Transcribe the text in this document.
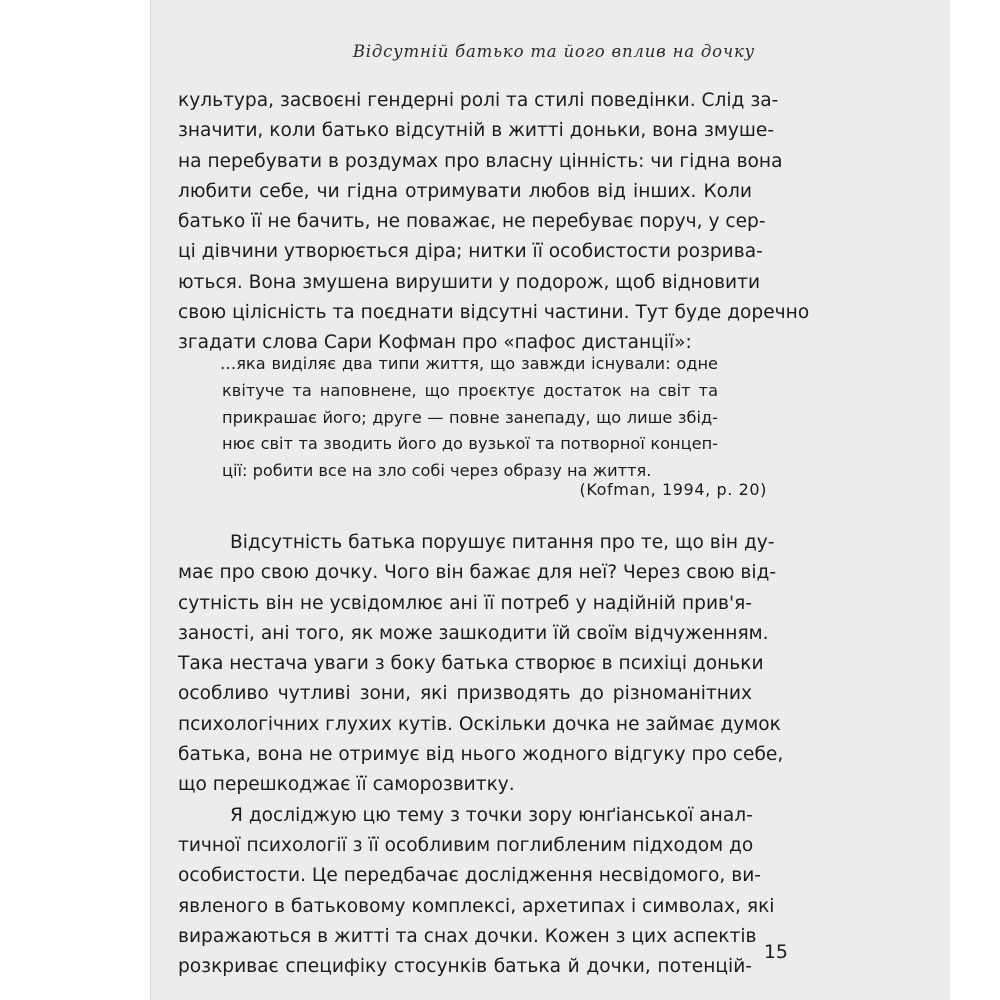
Відсутній батько та його вплив на дочку
культура, засвоєні гендерні ролі та стилі поведінки. Слід за-
значити, коли батько відсутній в житті доньки, вона змуше-
на перебувати в роздумах про власну цінність: чи гідна вона
любити себе, чи гідна отримувати любов від інших. Коли
батько її не бачить, не поважає, не перебуває поруч, у сер-
ці дівчини утворюється діра; нитки її особистости розрива-
ються. Вона змушена вирушити у подорож, щоб відновити
свою цілісність та поєднати відсутні частини. Тут буде доречно
згадати слова Сари Кофман про «пафос дистанції»:
…яка виділяє два типи життя, що завжди існували: одне
квітуче та наповнене, що проєктує достаток на світ та
прикрашає його; друге — повне занепаду, що лише збід-
нює світ та зводить його до вузької та потворної концеп-
ції: робити все на зло собі через образу на життя.
(Kofman, 1994, p. 20)
Відсутність батька порушує питання про те, що він ду-
має про свою дочку. Чого він бажає для неї? Через свою від-
сутність він не усвідомлює ані її потреб у надійній прив'я-
заності, ані того, як може зашкодити їй своїм відчуженням.
Така нестача уваги з боку батька створює в психіці доньки
особливо чутливі зони, які призводять до різноманітних
психологічних глухих кутів. Оскільки дочка не займає думок
батька, вона не отримує від нього жодного відгуку про себе,
що перешкоджає її саморозвитку.
Я досліджую цю тему з точки зору юнґіанської анал-
тичної психології з її особливим поглибленим підходом до
особистости. Це передбачає дослідження несвідомого, ви-
явленого в батьковому комплексі, архетипах і символах, які
виражаються в житті та снах дочки. Кожен з цих аспектів
розкриває специфіку стосунків батька й дочки, потенцій-
15
